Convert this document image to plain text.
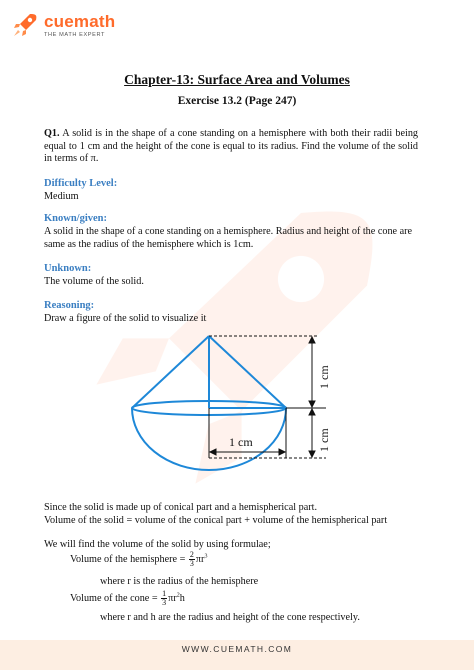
cuemath
THE MATH EXPERT
Chapter-13: Surface Area and Volumes
Exercise 13.2 (Page 247)
Q1. A solid is in the shape of a cone standing on a hemisphere with both their radii being equal to 1 cm and the height of the cone is equal to its radius. Find the volume of the solid in terms of π.
Difficulty Level:
Medium
Known/given:
A solid in the shape of a cone standing on a hemisphere. Radius and height of the cone are same as the radius of the hemisphere which is 1cm.
Unknown:
The volume of the solid.
Reasoning:
Draw a figure of the solid to visualize it
1 cm
1 cm
1 cm
Since the solid is made up of conical part and a hemispherical part.
Volume of the solid = volume of the conical part + volume of the hemispherical part
We will find the volume of the solid by using formulae;
Volume of the hemisphere = $\frac{2}{3} \pi r^3$
where r is the radius of the hemisphere
Volume of the cone = $\frac{1}{3} \pi r^2h$
where r and h are the radius and height of the cone respectively.
WWW.CUEMATH.COM
